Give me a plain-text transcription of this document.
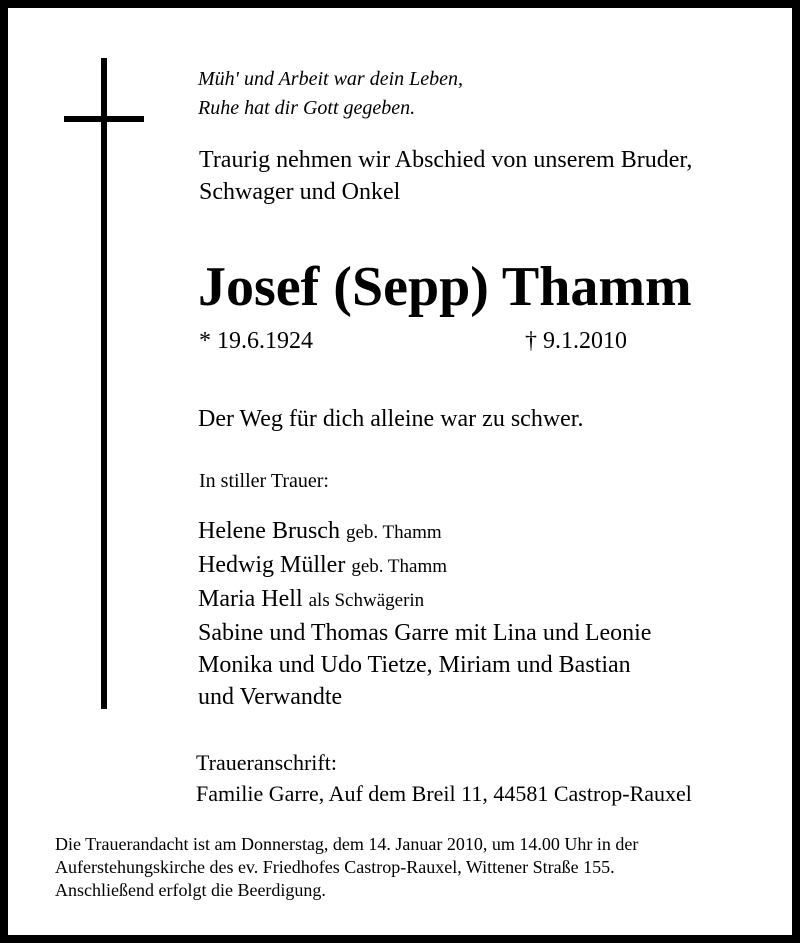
Müh' und Arbeit war dein Leben,
Ruhe hat dir Gott gegeben.
Traurig nehmen wir Abschied von unserem Bruder,
Schwager und Onkel
Josef (Sepp) Thamm
* 19.6.1924	† 9.1.2010
Der Weg für dich alleine war zu schwer.
In stiller Trauer:
Helene Brusch geb. Thamm
Hedwig Müller geb. Thamm
Maria Hell als Schwägerin
Sabine und Thomas Garre mit Lina und Leonie
Monika und Udo Tietze, Miriam und Bastian
und Verwandte
Traueranschrift:
Familie Garre, Auf dem Breil 11, 44581 Castrop-Rauxel
Die Trauerandacht ist am Donnerstag, dem 14. Januar 2010, um 14.00 Uhr in der
Auferstehungskirche des ev. Friedhofes Castrop-Rauxel, Wittener Straße 155.
Anschließend erfolgt die Beerdigung.
